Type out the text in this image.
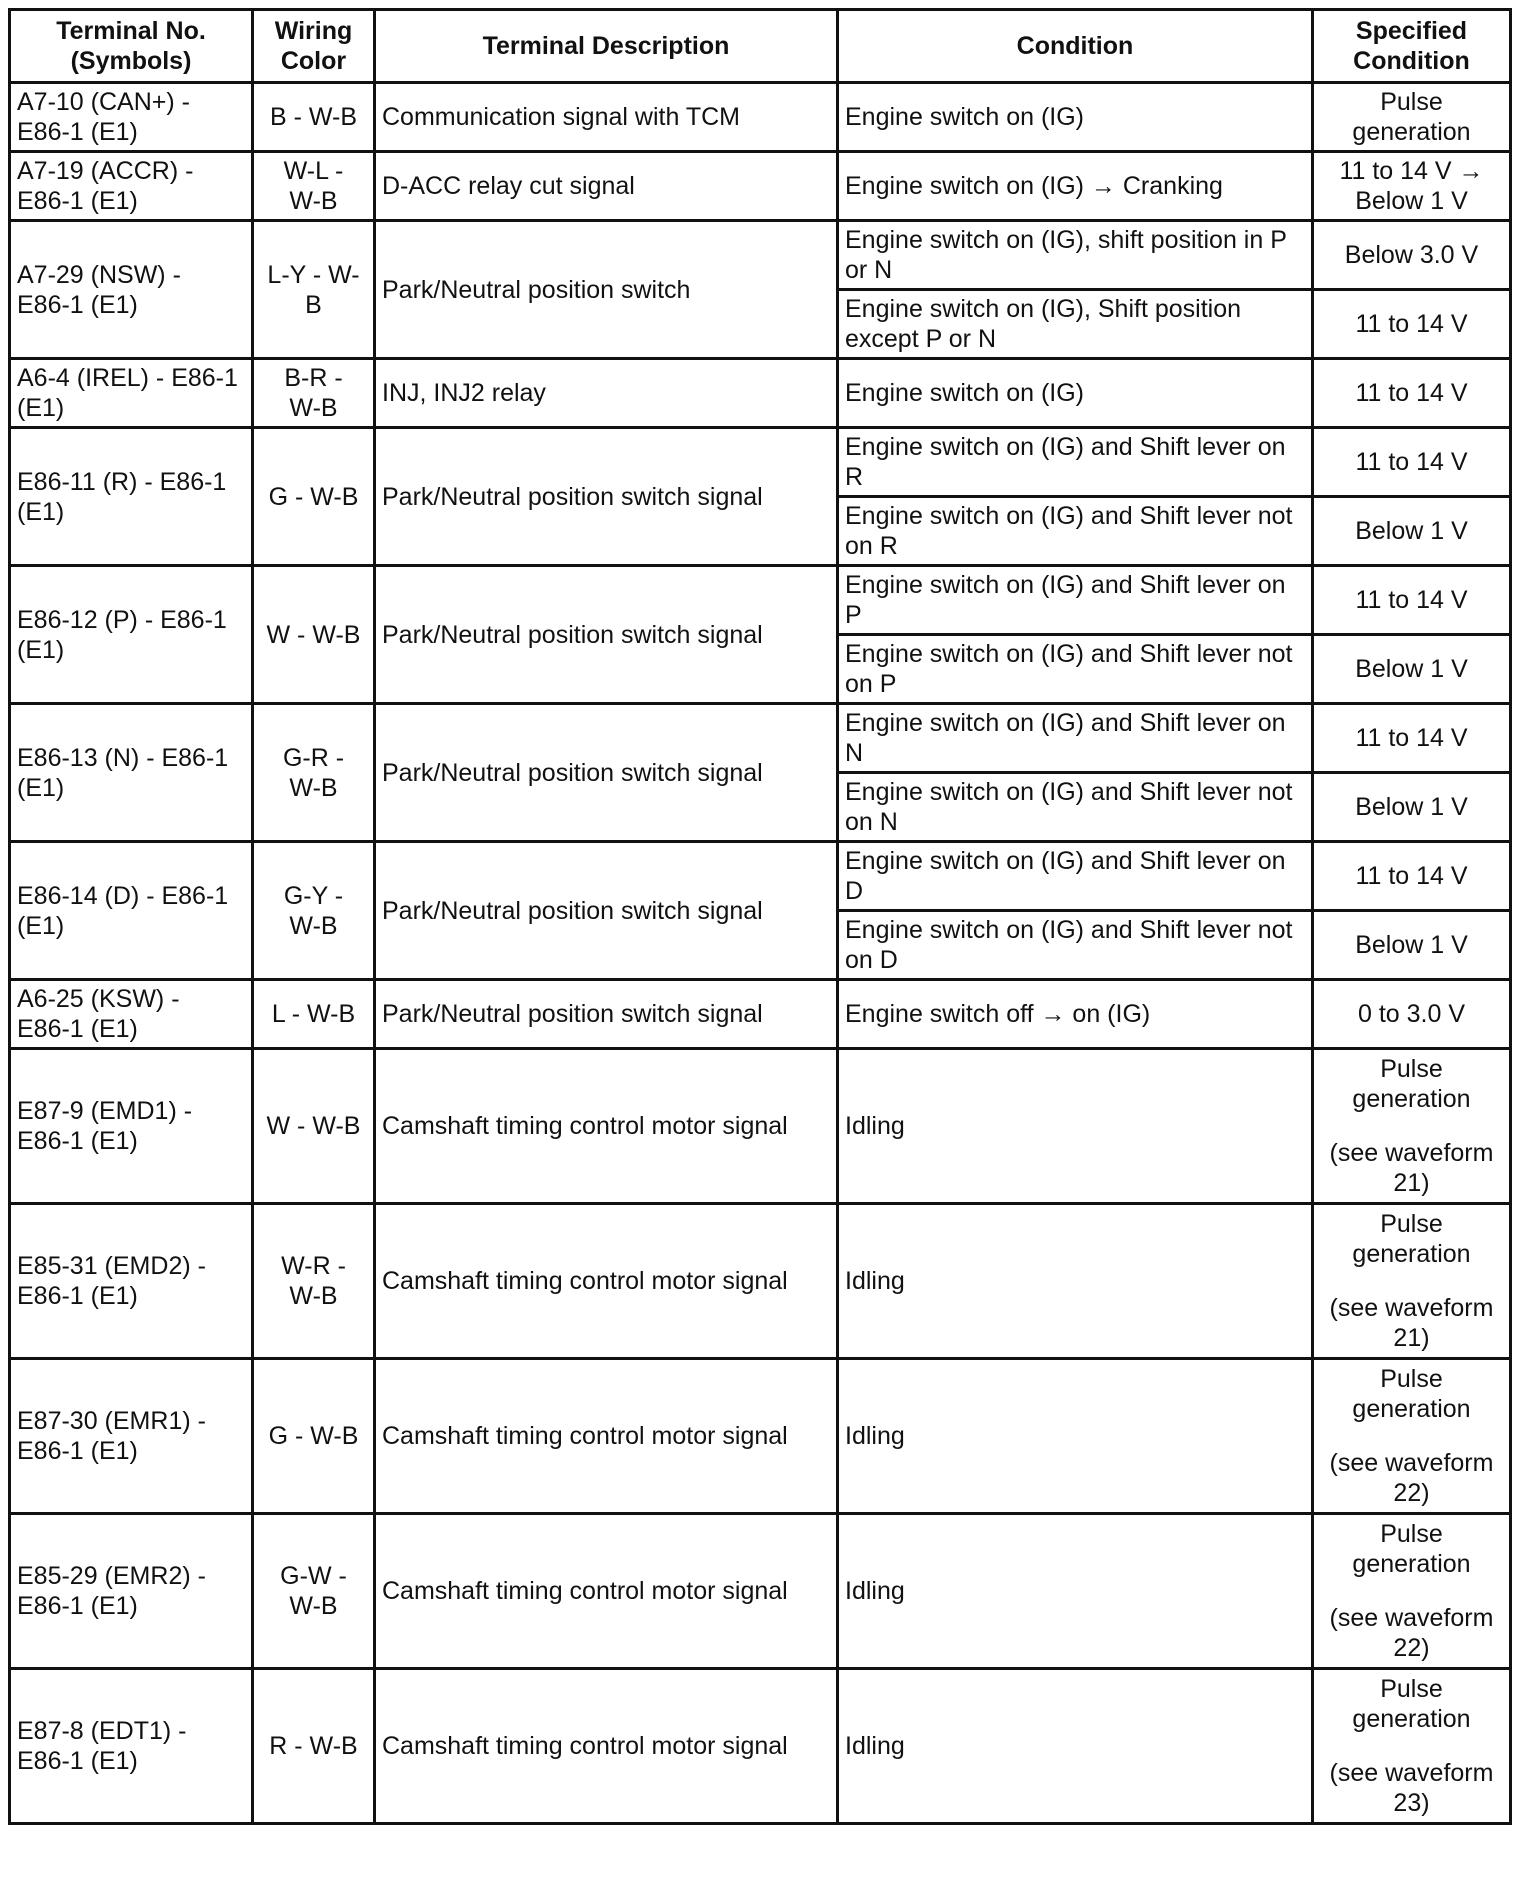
Terminal No.
(Symbols)	Wiring
Color	Terminal Description	Condition	Specified
Condition
A7-10 (CAN+) -
E86-1 (E1)	B - W-B	Communication signal with TCM	Engine switch on (IG)	Pulse
generation

A7-19 (ACCR) -
E86-1 (E1)	W-L -
W-B	D-ACC relay cut signal	Engine switch on (IG) → Cranking	11 to 14 V →
Below 1 V

A7-29 (NSW) -
E86-1 (E1)	L-Y - W-B	Park/Neutral position switch	Engine switch on (IG), shift position in P
or N	Below 3.0 V

			Engine switch on (IG), Shift position
except P or N	11 to 14 V

A6-4 (IREL) - E86-1
(E1)	B-R -
W-B	INJ, INJ2 relay	Engine switch on (IG)	11 to 14 V

E86-11 (R) - E86-1
(E1)	G - W-B	Park/Neutral position switch signal	Engine switch on (IG) and Shift lever on
R	11 to 14 V

			Engine switch on (IG) and Shift lever not
on R	Below 1 V

E86-12 (P) - E86-1
(E1)	W - W-B	Park/Neutral position switch signal	Engine switch on (IG) and Shift lever on
P	11 to 14 V

			Engine switch on (IG) and Shift lever not
on P	Below 1 V

E86-13 (N) - E86-1
(E1)	G-R -
W-B	Park/Neutral position switch signal	Engine switch on (IG) and Shift lever on
N	11 to 14 V

			Engine switch on (IG) and Shift lever not
on N	Below 1 V

E86-14 (D) - E86-1
(E1)	G-Y -
W-B	Park/Neutral position switch signal	Engine switch on (IG) and Shift lever on
D	11 to 14 V

			Engine switch on (IG) and Shift lever not
on D	Below 1 V

A6-25 (KSW) -
E86-1 (E1)	L - W-B	Park/Neutral position switch signal	Engine switch off → on (IG)	0 to 3.0 V

E87-9 (EMD1) -
E86-1 (E1)	W - W-B	Camshaft timing control motor signal	Idling	Pulse
generation
(see waveform
21)

E85-31 (EMD2) -
E86-1 (E1)	W-R -
W-B	Camshaft timing control motor signal	Idling	Pulse
generation
(see waveform
21)

E87-30 (EMR1) -
E86-1 (E1)	G - W-B	Camshaft timing control motor signal	Idling	Pulse
generation
(see waveform
22)

E85-29 (EMR2) -
E86-1 (E1)	G-W -
W-B	Camshaft timing control motor signal	Idling	Pulse
generation
(see waveform
22)

E87-8 (EDT1) -
E86-1 (E1)	R - W-B	Camshaft timing control motor signal	Idling	Pulse
generation
(see waveform
23)
